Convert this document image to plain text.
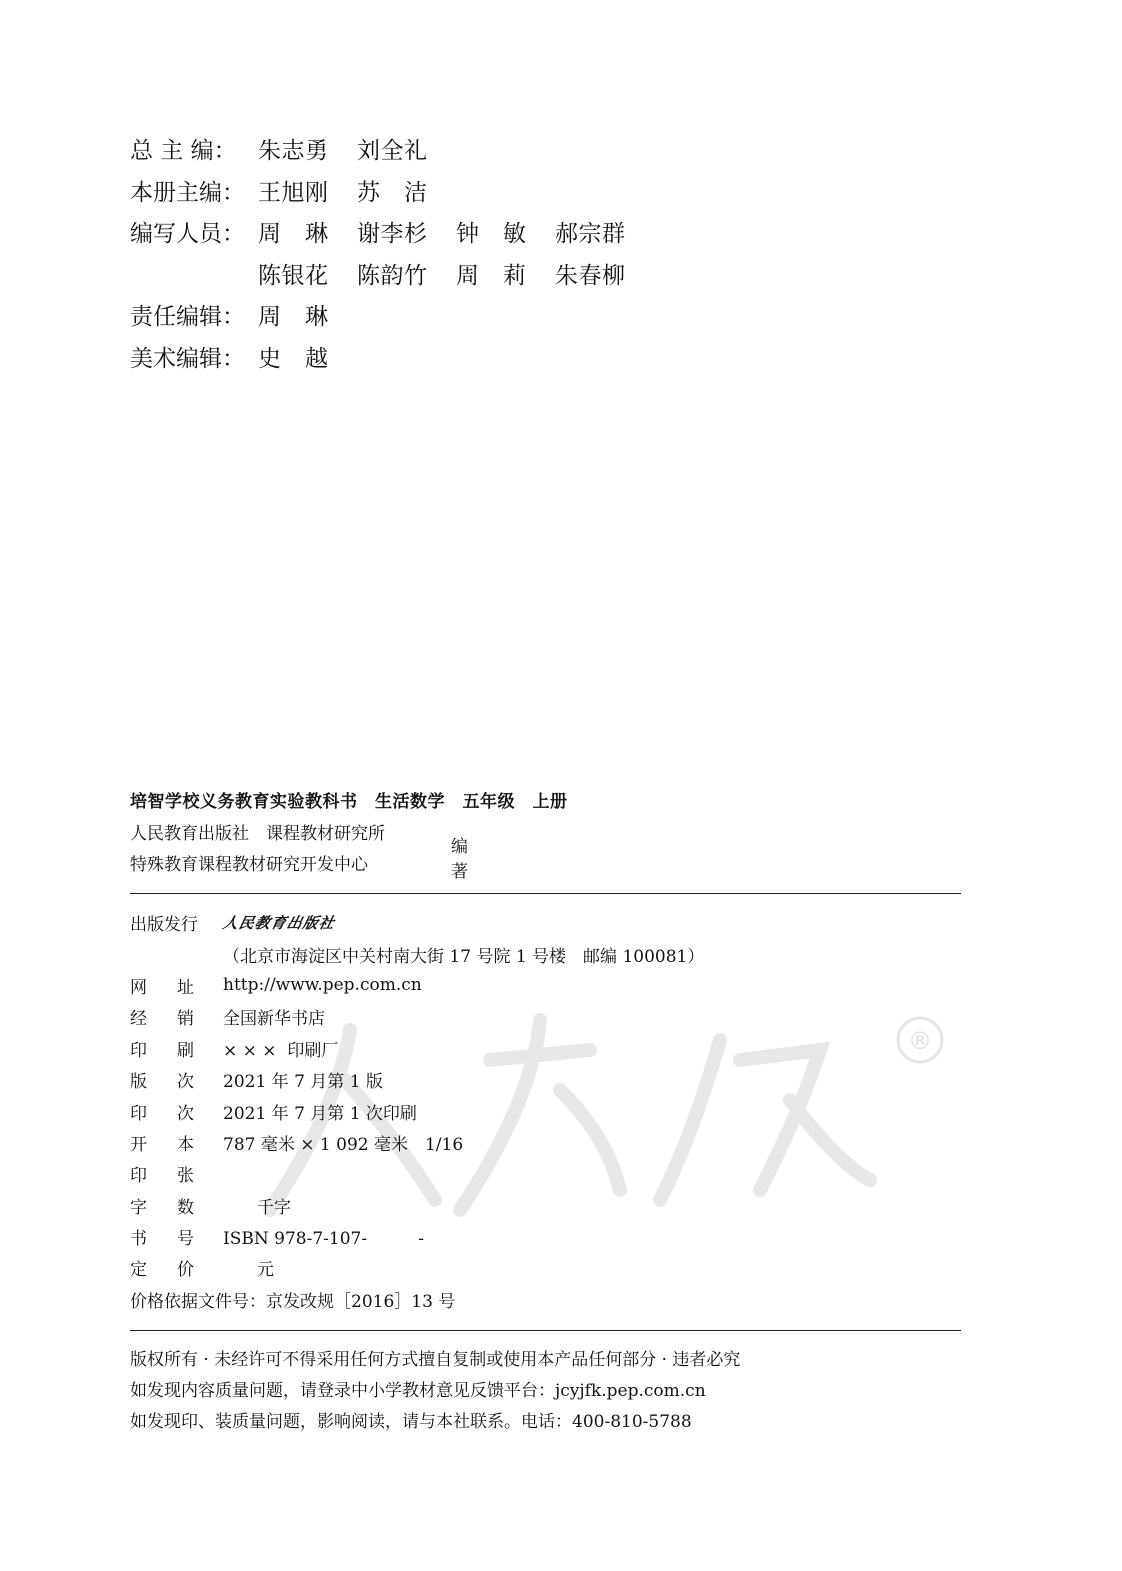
®
总 主 编： 朱志勇	刘全礼
本册主编： 王旭刚	苏　洁
编写人员： 周　琳	谢李杉	钟　敏	郝宗群
陈银花	陈韵竹	周　莉	朱春柳
责任编辑： 周　琳
美术编辑： 史　越
培智学校义务教育实验教科书　生活数学　五年级　上册
人民教育出版社　课程教材研究所
特殊教育课程教材研究开发中心
编著
出版发行	人民教育出版社
（北京市海淀区中关村南大街 17 号院 1 号楼　邮编 100081）
网址 http://www.pep.com.cn
经销 全国新华书店
印刷 × × ×  印刷厂
版次 2021 年 7 月第 1 版
印次 2021 年 7 月第 1 次印刷
开本 787 毫米 × 1 092 毫米　1/16
印张
字数 　　千字
书号 ISBN 978-7-107-　　　-
定价 　　元
价格依据文件号：京发改规［2016］13 号
版权所有 · 未经许可不得采用任何方式擅自复制或使用本产品任何部分 · 违者必究
如发现内容质量问题，请登录中小学教材意见反馈平台：jcyjfk.pep.com.cn
如发现印、装质量问题，影响阅读，请与本社联系。电话：400-810-5788
